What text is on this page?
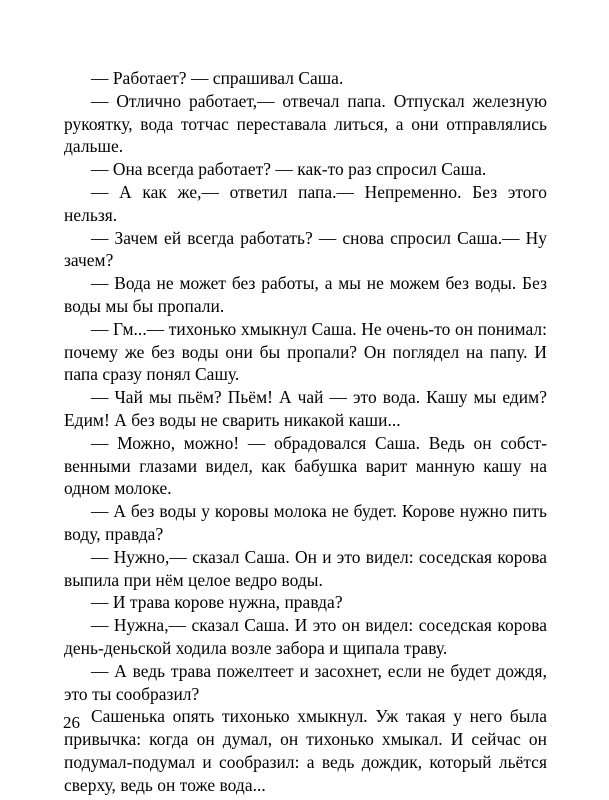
— Работает? — спрашивал Саша.

— Отлично работает,— отвечал папа. Отпускал железную рукоятку, вода тотчас переставала литься, а они отправлялись дальше.

— Она всегда работает? — как-то раз спросил Саша.

— А как же,— ответил папа.— Непременно. Без этого нельзя.

— Зачем ей всегда работать? — снова спросил Саша.— Ну зачем?

— Вода не может без работы, а мы не можем без воды. Без воды мы бы пропали.

— Гм...— тихонько хмыкнул Саша. Не очень-то он понимал: почему же без воды они бы пропали? Он поглядел на папу. И папа сразу понял Сашу.

— Чай мы пьём? Пьём! А чай — это вода. Кашу мы едим? Едим! А без воды не сварить никакой каши...

— Можно, можно! — обрадовался Саша. Ведь он собственными глазами видел, как бабушка варит манную кашу на одном молоке.

— А без воды у коровы молока не будет. Корове нужно пить воду, правда?

— Нужно,— сказал Саша. Он и это видел: соседская корова выпила при нём целое ведро воды.

— И трава корове нужна, правда?

— Нужна,— сказал Саша. И это он видел: соседская корова день-деньской ходила возле забора и щипала траву.

— А ведь трава пожелтеет и засохнет, если не будет дождя, это ты сообразил?

Сашенька опять тихонько хмыкнул. Уж такая у него была привычка: когда он думал, он тихонько хмыкал. И сейчас он подумал-подумал и сообразил: а ведь дождик, который льётся сверху, ведь он тоже вода...

26
